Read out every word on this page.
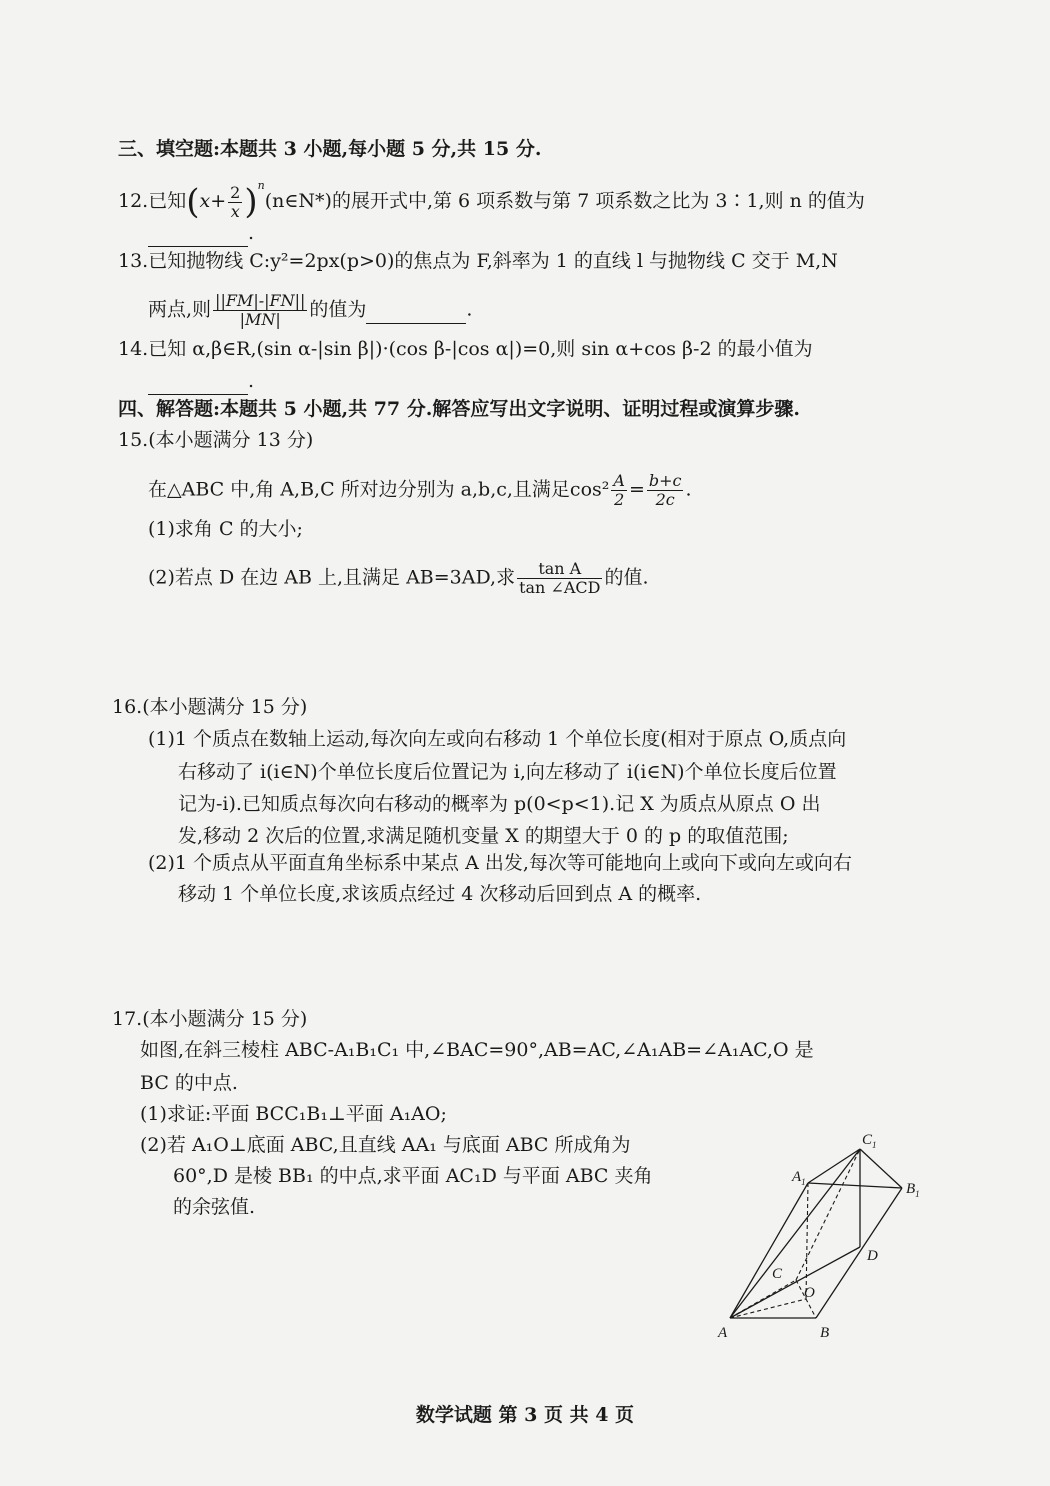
三、填空题:本题共 3 小题,每小题 5 分,共 15 分.
12.已知($x+ \frac{2}{x}$ )$^n(n\in N*)$的展开式中,第 6 项系数与第 7 项系数之比为 3∶1,则 n 的值为
.
13.已知抛物线 C:y²=2px(p>0)的焦点为 F,斜率为 1 的直线 l 与抛物线 C 交于 M,N
两点,则 $\frac{||FM|-|FN||}{|MN|}$ 的值为	.
14.已知 α,β∈R,(sin α-|sin β|)·(cos β-|cos α|)=0,则 sin α+cos β-2 的最小值为
.
四、解答题:本题共 5 小题,共 77 分.解答应写出文字说明、证明过程或演算步骤.
15.(本小题满分 13 分)
在△ABC 中,角 A,B,C 所对边分别为 a,b,c,且满足$\cos^2 \frac{A}{2} = \frac{b+c}{2c}$ .
(1)求角 C 的大小;
(2)若点 D 在边 AB 上,且满足 AB=3AD,求 $\frac{\text{tan A}}{\text{tan ∠ACD}}$ 的值.
16.(本小题满分 15 分)
(1)1 个质点在数轴上运动,每次向左或向右移动 1 个单位长度(相对于原点 O,质点向
右移动了 i(i∈N)个单位长度后位置记为 i,向左移动了 i(i∈N)个单位长度后位置
记为-i).已知质点每次向右移动的概率为 p(0<p<1).记 X 为质点从原点 O 出
发,移动 2 次后的位置,求满足随机变量 X 的期望大于 0 的 p 的取值范围;
(2)1 个质点从平面直角坐标系中某点 A 出发,每次等可能地向上或向下或向左或向右
移动 1 个单位长度,求该质点经过 4 次移动后回到点 A 的概率.
17.(本小题满分 15 分)
如图,在斜三棱柱 ABC-A₁B₁C₁ 中,∠BAC=90°,AB=AC,∠A₁AB=∠A₁AC,O 是
BC 的中点.
(1)求证:平面 BCC₁B₁⊥平面 A₁AO;
(2)若 A₁O⊥底面 ABC,且直线 AA₁ 与底面 ABC 所成角为
60°,D 是棱 BB₁ 的中点,求平面 AC₁D 与平面 ABC 夹角
的余弦值.
A	B
C
O
D
$A_1$	$B_1$
$C_1$
数学试题 第 3 页 共 4 页
